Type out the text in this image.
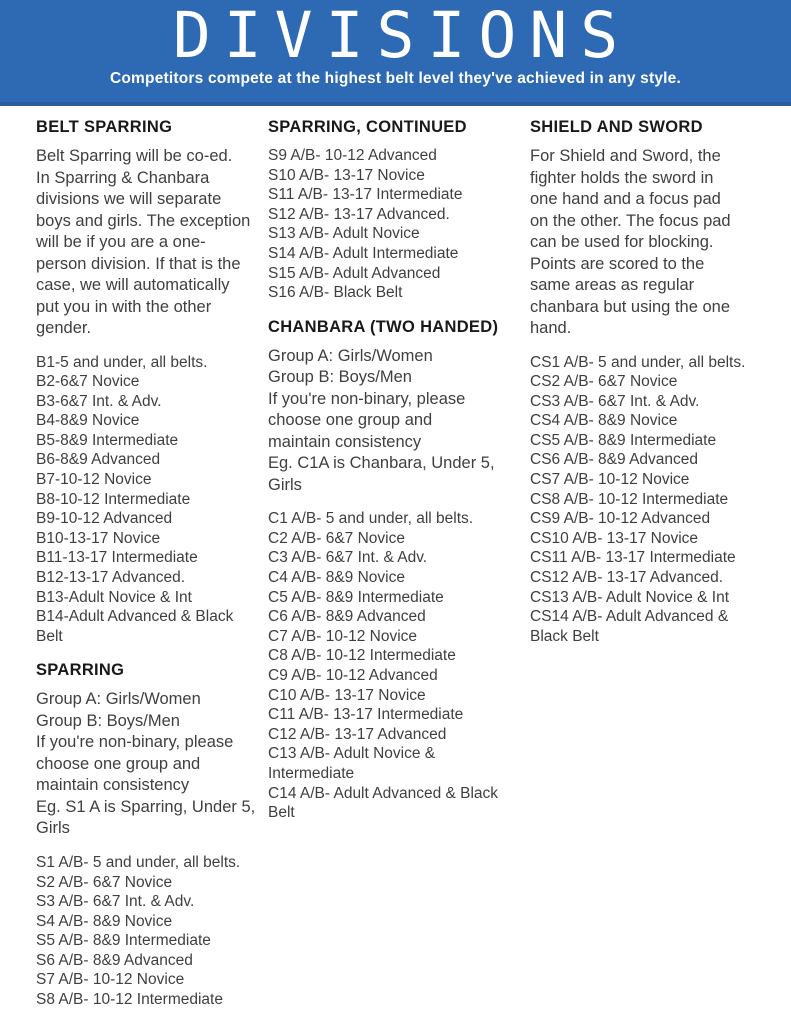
DIVISIONS

Competitors compete at the highest belt level they've achieved in any style.

BELT SPARRING
Belt Sparring will be co-ed.
In Sparring & Chanbara
divisions we will separate
boys and girls. The exception
will be if you are a one-
person division. If that is the
case, we will automatically
put you in with the other
gender.
B1-5 and under, all belts.
B2-6&7 Novice
B3-6&7 Int. & Adv.
B4-8&9 Novice
B5-8&9 Intermediate
B6-8&9 Advanced
B7-10-12 Novice
B8-10-12 Intermediate
B9-10-12 Advanced
B10-13-17 Novice
B11-13-17 Intermediate
B12-13-17 Advanced.
B13-Adult Novice & Int
B14-Adult Advanced & Black Belt
SPARRING
Group A: Girls/Women
Group B: Boys/Men
If you're non-binary, please
choose one group and
maintain consistency
Eg. S1 A is Sparring, Under 5,
Girls
S1 A/B- 5 and under, all belts.
S2 A/B- 6&7 Novice
S3 A/B- 6&7 Int. & Adv.
S4 A/B- 8&9 Novice
S5 A/B- 8&9 Intermediate
S6 A/B- 8&9 Advanced
S7 A/B- 10-12 Novice
S8 A/B- 10-12 Intermediate
SPARRING, CONTINUED
S9 A/B- 10-12 Advanced
S10 A/B- 13-17 Novice
S11 A/B- 13-17 Intermediate
S12 A/B- 13-17 Advanced.
S13 A/B- Adult Novice
S14 A/B- Adult Intermediate
S15 A/B- Adult Advanced
S16 A/B- Black Belt
CHANBARA (TWO HANDED)
Group A: Girls/Women
Group B: Boys/Men
If you're non-binary, please
choose one group and
maintain consistency
Eg. C1A is Chanbara, Under 5,
Girls
C1 A/B- 5 and under, all belts.
C2 A/B- 6&7 Novice
C3 A/B- 6&7 Int. & Adv.
C4 A/B- 8&9 Novice
C5 A/B- 8&9 Intermediate
C6 A/B- 8&9 Advanced
C7 A/B- 10-12 Novice
C8 A/B- 10-12 Intermediate
C9 A/B- 10-12 Advanced
C10 A/B- 13-17 Novice
C11 A/B- 13-17 Intermediate
C12 A/B- 13-17 Advanced
C13 A/B- Adult Novice & Intermediate
C14 A/B- Adult Advanced & Black Belt
SHIELD AND SWORD
For Shield and Sword, the
fighter holds the sword in
one hand and a focus pad
on the other. The focus pad
can be used for blocking.
Points are scored to the
same areas as regular
chanbara but using the one
hand.
CS1 A/B- 5 and under, all belts.
CS2 A/B- 6&7 Novice
CS3 A/B- 6&7 Int. & Adv.
CS4 A/B- 8&9 Novice
CS5 A/B- 8&9 Intermediate
CS6 A/B- 8&9 Advanced
CS7 A/B- 10-12 Novice
CS8 A/B- 10-12 Intermediate
CS9 A/B- 10-12 Advanced
CS10 A/B- 13-17 Novice
CS11 A/B- 13-17 Intermediate
CS12 A/B- 13-17 Advanced.
CS13 A/B- Adult Novice & Int
CS14 A/B- Adult Advanced & Black Belt
